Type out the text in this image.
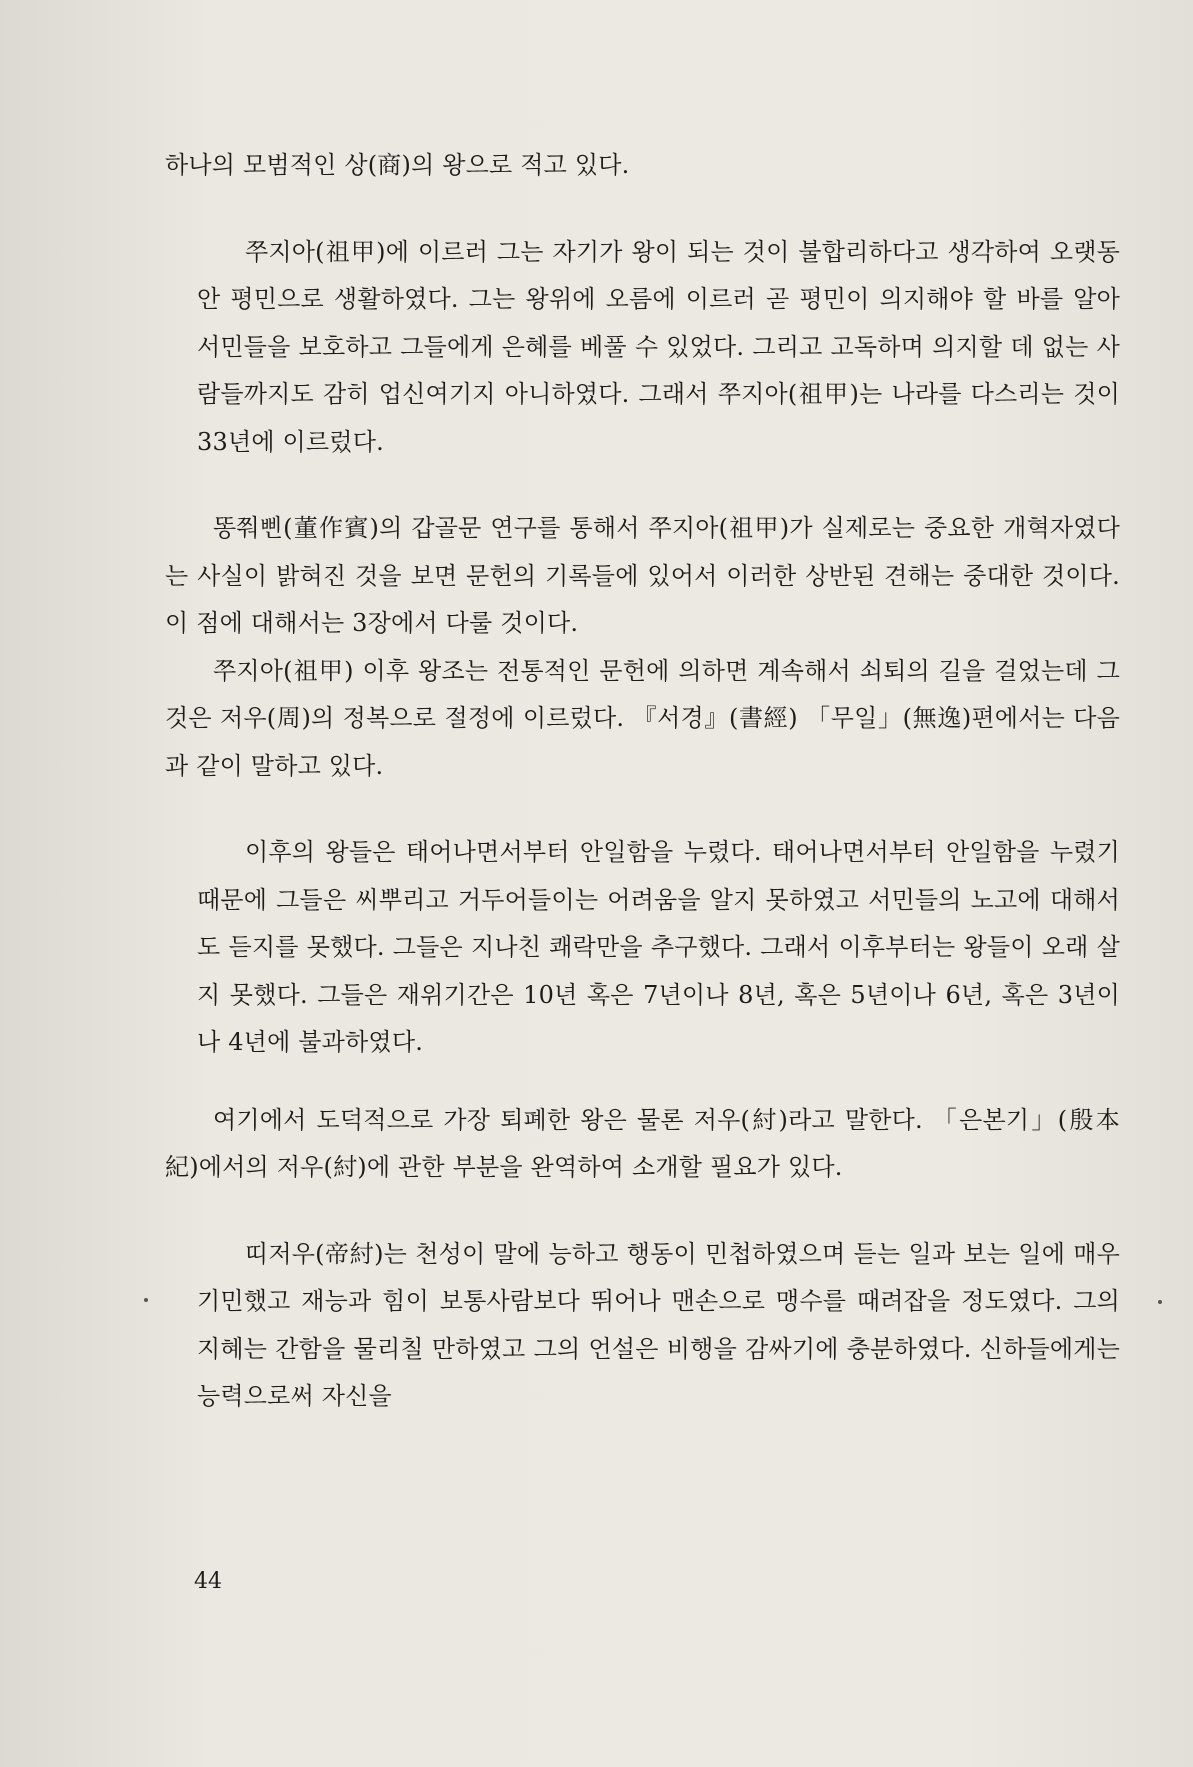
하나의 모범적인 상(商)의 왕으로 적고 있다.

쭈지아(祖甲)에 이르러 그는 자기가 왕이 되는 것이 불합리하다고 생각하여 오랫동안 평민으로 생활하였다. 그는 왕위에 오름에 이르러 곧 평민이 의지해야 할 바를 알아 서민들을 보호하고 그들에게 은혜를 베풀 수 있었다. 그리고 고독하며 의지할 데 없는 사람들까지도 감히 업신여기지 아니하였다. 그래서 쭈지아(祖甲)는 나라를 다스리는 것이 33년에 이르렀다.

똥쭤삔(董作賓)의 갑골문 연구를 통해서 쭈지아(祖甲)가 실제로는 중요한 개혁자였다는 사실이 밝혀진 것을 보면 문헌의 기록들에 있어서 이러한 상반된 견해는 중대한 것이다. 이 점에 대해서는 3장에서 다룰 것이다.

쭈지아(祖甲) 이후 왕조는 전통적인 문헌에 의하면 계속해서 쇠퇴의 길을 걸었는데 그것은 저우(周)의 정복으로 절정에 이르렀다. 『서경』(書經) 「무일」(無逸)편에서는 다음과 같이 말하고 있다.

이후의 왕들은 태어나면서부터 안일함을 누렸다. 태어나면서부터 안일함을 누렸기 때문에 그들은 씨뿌리고 거두어들이는 어려움을 알지 못하였고 서민들의 노고에 대해서도 듣지를 못했다. 그들은 지나친 쾌락만을 추구했다. 그래서 이후부터는 왕들이 오래 살지 못했다. 그들은 재위기간은 10년 혹은 7년이나 8년, 혹은 5년이나 6년, 혹은 3년이나 4년에 불과하였다.

여기에서 도덕적으로 가장 퇴폐한 왕은 물론 저우(紂)라고 말한다. 「은본기」(殷本紀)에서의 저우(紂)에 관한 부분을 완역하여 소개할 필요가 있다.

띠저우(帝紂)는 천성이 말에 능하고 행동이 민첩하였으며 듣는 일과 보는 일에 매우 기민했고 재능과 힘이 보통사람보다 뛰어나 맨손으로 맹수를 때려잡을 정도였다. 그의 지혜는 간함을 물리칠 만하였고 그의 언설은 비행을 감싸기에 충분하였다. 신하들에게는 능력으로써 자신을

44
